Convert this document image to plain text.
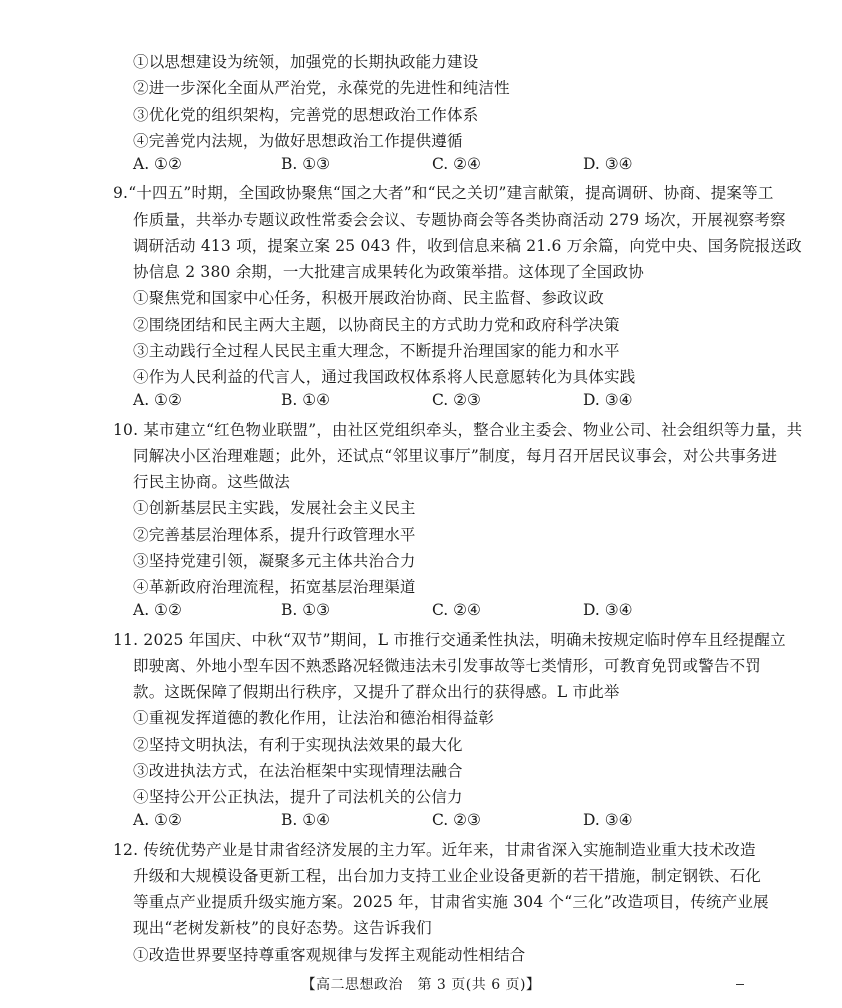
①以思想建设为统领，加强党的长期执政能力建设
②进一步深化全面从严治党，永葆党的先进性和纯洁性
③优化党的组织架构，完善党的思想政治工作体系
④完善党内法规，为做好思想政治工作提供遵循
A. ①②	B. ①③	C. ②④	D. ③④
9.“十四五”时期，全国政协聚焦“国之大者”和“民之关切”建言献策，提高调研、协商、提案等工
作质量，共举办专题议政性常委会会议、专题协商会等各类协商活动 279 场次，开展视察考察
调研活动 413 项，提案立案 25 043 件，收到信息来稿 21.6 万余篇，向党中央、国务院报送政
协信息 2 380 余期，一大批建言成果转化为政策举措。这体现了全国政协
①聚焦党和国家中心任务，积极开展政治协商、民主监督、参政议政
②围绕团结和民主两大主题，以协商民主的方式助力党和政府科学决策
③主动践行全过程人民民主重大理念，不断提升治理国家的能力和水平
④作为人民利益的代言人，通过我国政权体系将人民意愿转化为具体实践
A. ①②	B. ①④	C. ②③	D. ③④
10. 某市建立“红色物业联盟”，由社区党组织牵头，整合业主委会、物业公司、社会组织等力量，共
同解决小区治理难题；此外，还试点“邻里议事厅”制度，每月召开居民议事会，对公共事务进
行民主协商。这些做法
①创新基层民主实践，发展社会主义民主
②完善基层治理体系，提升行政管理水平
③坚持党建引领，凝聚多元主体共治合力
④革新政府治理流程，拓宽基层治理渠道
A. ①②	B. ①③	C. ②④	D. ③④
11. 2025 年国庆、中秋“双节”期间，L 市推行交通柔性执法，明确未按规定临时停车且经提醒立
即驶离、外地小型车因不熟悉路况轻微违法未引发事故等七类情形，可教育免罚或警告不罚
款。这既保障了假期出行秩序，又提升了群众出行的获得感。L 市此举
①重视发挥道德的教化作用，让法治和德治相得益彰
②坚持文明执法，有利于实现执法效果的最大化
③改进执法方式，在法治框架中实现情理法融合
④坚持公开公正执法，提升了司法机关的公信力
A. ①②	B. ①④	C. ②③	D. ③④
12. 传统优势产业是甘肃省经济发展的主力军。近年来，甘肃省深入实施制造业重大技术改造
升级和大规模设备更新工程，出台加力支持工业企业设备更新的若干措施，制定钢铁、石化
等重点产业提质升级实施方案。2025 年，甘肃省实施 304 个“三化”改造项目，传统产业展
现出“老树发新枝”的良好态势。这告诉我们
①改造世界要坚持尊重客观规律与发挥主观能动性相结合
【高二思想政治　第 3 页(共 6 页)】
